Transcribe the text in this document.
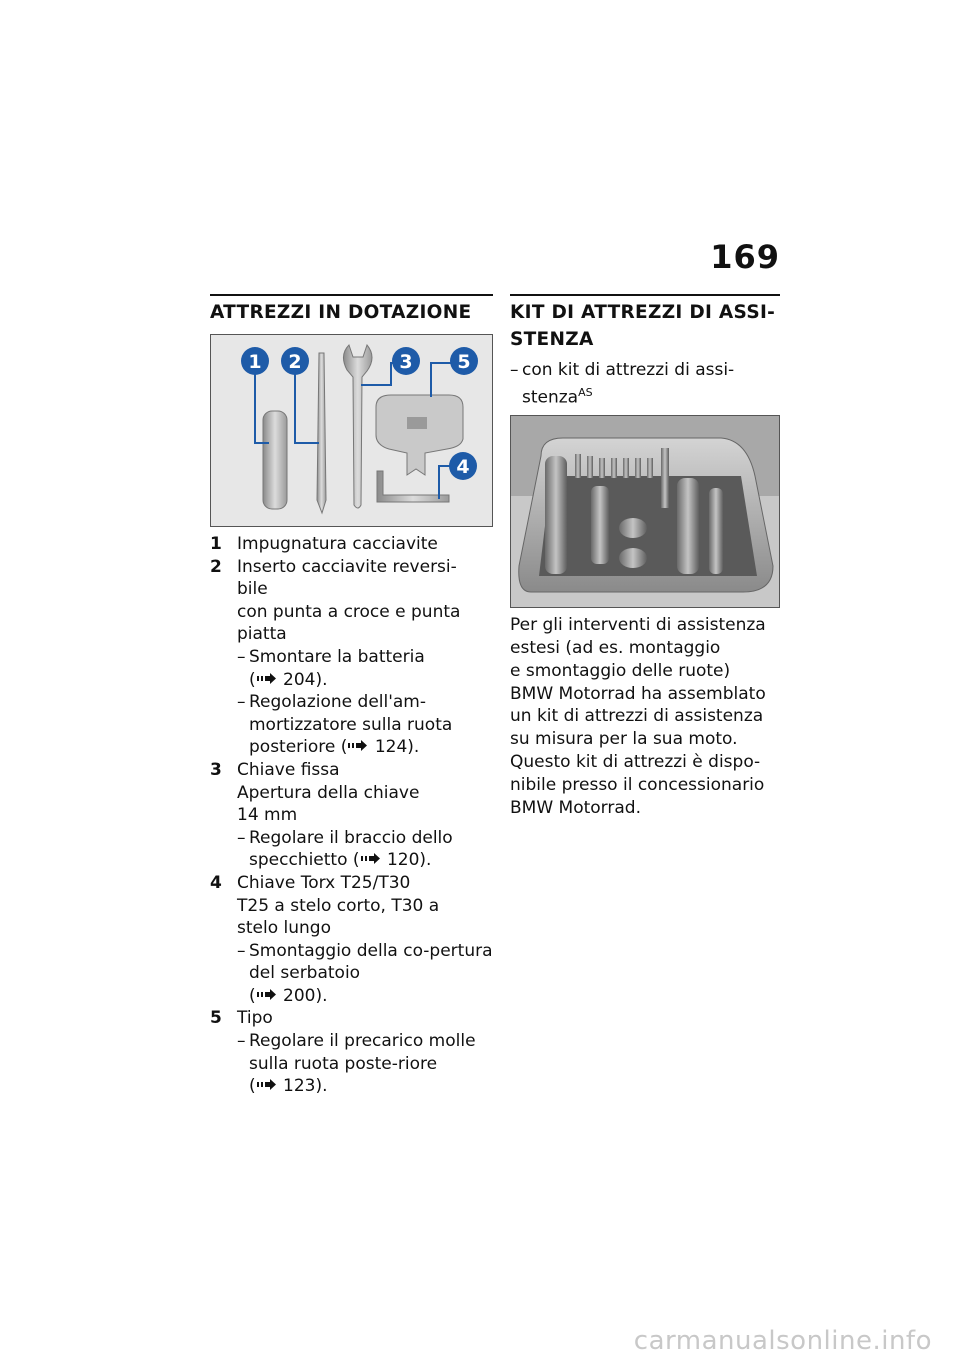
169
ATTREZZI IN DOTAZIONE
1 2	3 5
4
1 Impugnatura cacciavite
2 Inserto cacciavite reversi-
bile
con punta a croce e punta
piatta
– Smontare la batteria
( 204).
– Regolazione dell'am-mortizzatore sulla ruota posteriore ( 124).
3 Chiave fissa
Apertura della chiave
14 mm
– Regolare il braccio dello specchietto ( 120).
4 Chiave Torx T25/T30
T25 a stelo corto, T30 a
stelo lungo
– Smontaggio della co-pertura del serbatoio
( 200).
5 Tipo
– Regolare il precarico molle sulla ruota poste-riore ( 123).
KIT DI ATTREZZI DI ASSI-
STENZA
– con kit di attrezzi di assi-
stenza$^{AS}$
Per gli interventi di assistenza
estesi (ad es. montaggio
e smontaggio delle ruote)
BMW Motorrad ha assemblato
un kit di attrezzi di assistenza
su misura per la sua moto.
Questo kit di attrezzi è dispo-
nibile presso il concessionario
BMW Motorrad.
carmanualsonline.info
